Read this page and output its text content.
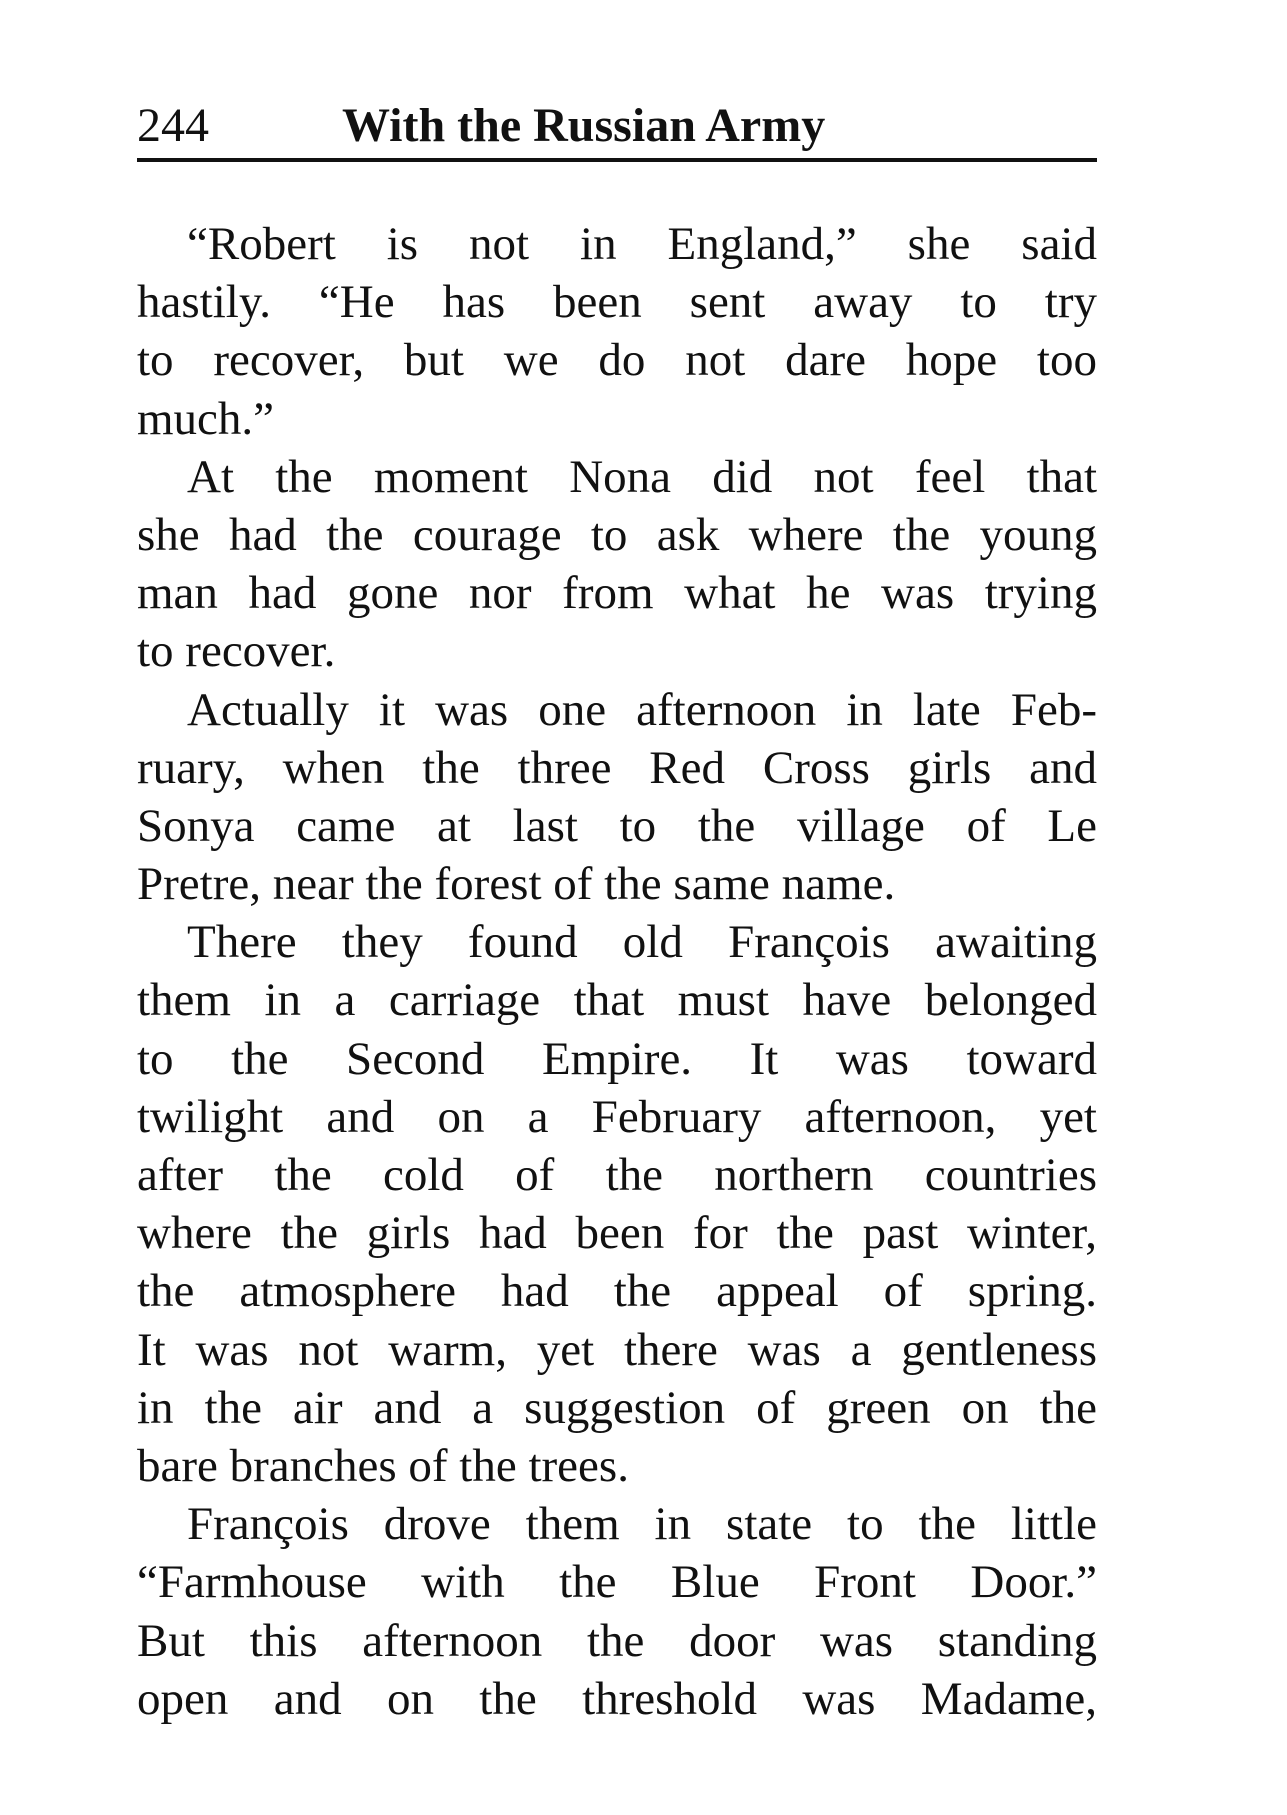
244	With the Russian Army
“Robert is not in England,” she said
hastily. “He has been sent away to try
to recover, but we do not dare hope too
much.”
At the moment Nona did not feel that
she had the courage to ask where the young
man had gone nor from what he was trying
to recover.
Actually it was one afternoon in late Feb-
ruary, when the three Red Cross girls and
Sonya came at last to the village of Le
Pretre, near the forest of the same name.
There they found old François awaiting
them in a carriage that must have belonged
to the Second Empire. It was toward
twilight and on a February afternoon, yet
after the cold of the northern countries
where the girls had been for the past winter,
the atmosphere had the appeal of spring.
It was not warm, yet there was a gentleness
in the air and a suggestion of green on the
bare branches of the trees.
François drove them in state to the little
“Farmhouse with the Blue Front Door.”
But this afternoon the door was standing
open and on the threshold was Madame,
